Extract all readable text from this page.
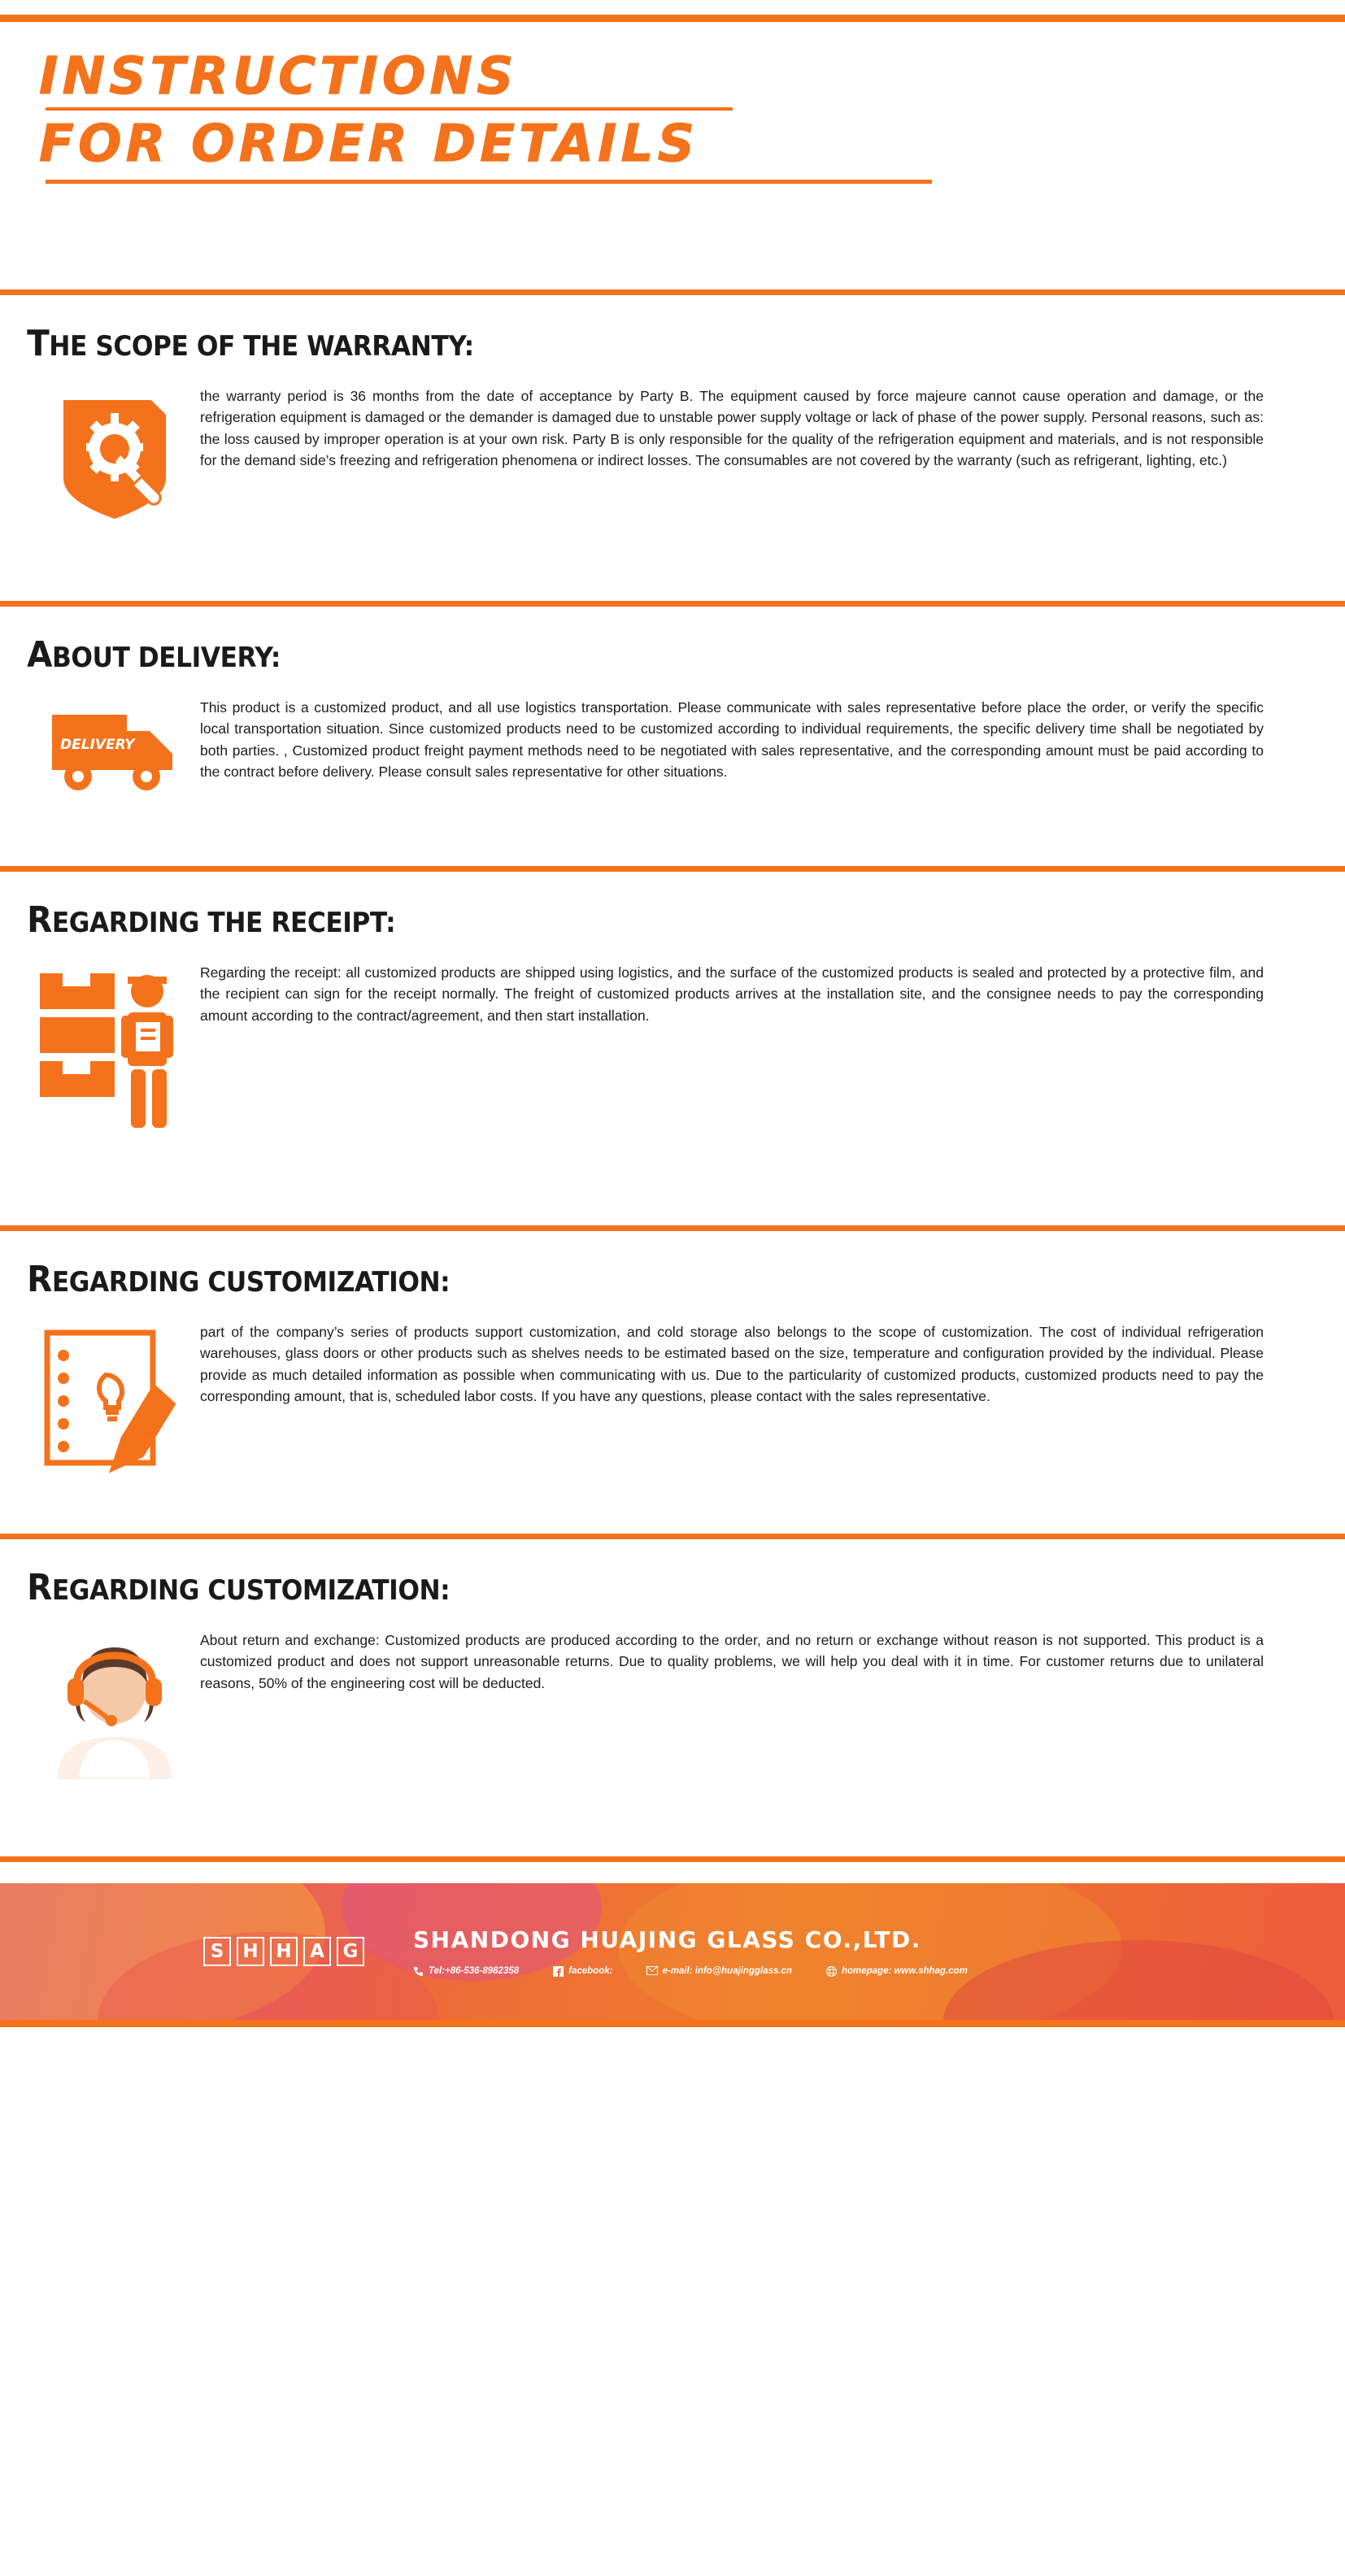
INSTRUCTIONS
FOR ORDER DETAILS
THE SCOPE OF THE WARRANTY:
the warranty period is 36 months from the date of acceptance by Party B. The equipment caused by force majeure cannot cause operation and damage, or the refrigeration equipment is damaged or the demander is damaged due to unstable power supply voltage or lack of phase of the power supply. Personal reasons, such as: the loss caused by improper operation is at your own risk. Party B is only responsible for the quality of the refrigeration equipment and materials, and is not responsible for the demand side’s freezing and refrigeration phenomena or indirect losses. The consumables are not covered by the warranty (such as refrigerant, lighting, etc.)
ABOUT DELIVERY:
DELIVERY
This product is a customized product, and all use logistics transportation. Please communicate with sales representative before place the order, or verify the specific local transportation situation. Since customized products need to be customized according to individual requirements, the specific delivery time shall be negotiated by both parties. , Customized product freight payment methods need to be negotiated with sales representative, and the corresponding amount must be paid according to the contract before delivery. Please consult sales representative for other situations.
REGARDING THE RECEIPT:
Regarding the receipt: all customized products are shipped using logistics, and the surface of the customized products is sealed and protected by a protective film, and the recipient can sign for the receipt normally. The freight of customized products arrives at the installation site, and the consignee needs to pay the corresponding amount according to the contract/agreement, and then start installation.
REGARDING CUSTOMIZATION:
part of the company’s series of products support customization, and cold storage also belongs to the scope of customization. The cost of individual refrigeration warehouses, glass doors or other products such as shelves needs to be estimated based on the size, temperature and configuration provided by the individual. Please provide as much detailed information as possible when communicating with us. Due to the particularity of customized products, customized products need to pay the corresponding amount, that is, scheduled labor costs. If you have any questions, please contact with the sales representative.
REGARDING CUSTOMIZATION:
About return and exchange: Customized products are produced according to the order, and no return or exchange without reason is not supported. This product is a customized product and does not support unreasonable returns. Due to quality problems, we will help you deal with it in time. For customer returns due to unilateral reasons, 50% of the engineering cost will be deducted.
S	H H A G SHANDONG HUAJING GLASS CO.,LTD.
Tel:+86-536-8982358	facebook:	e-mail: info@huajingglass.cn	homepage: www.shhag.com
